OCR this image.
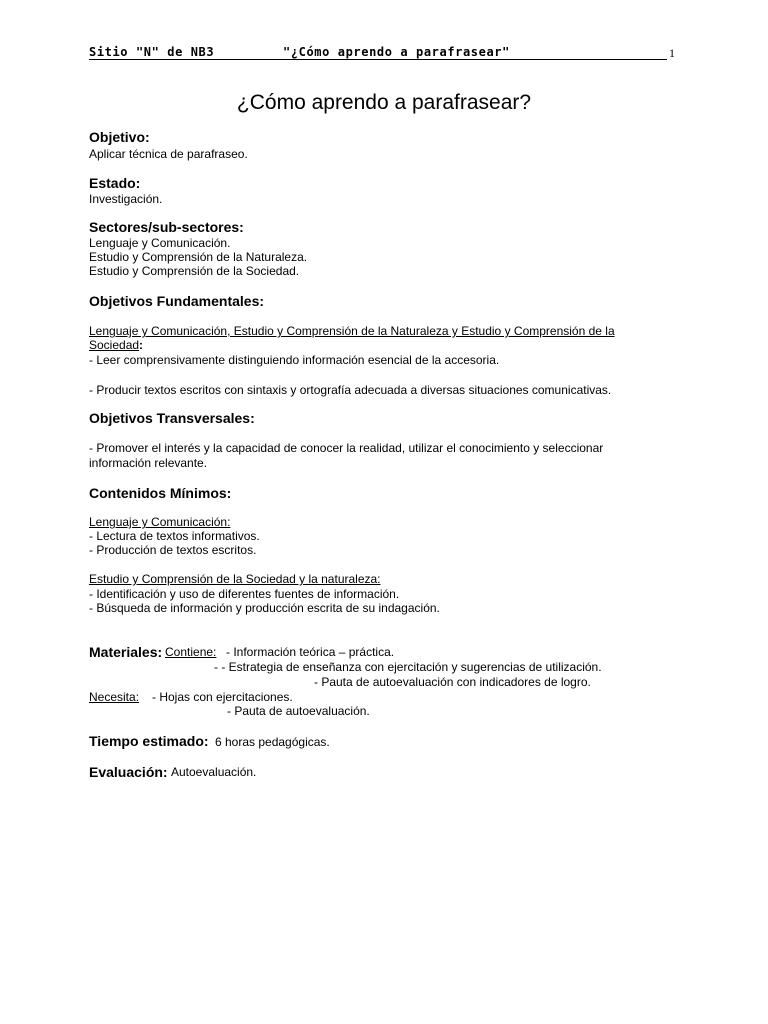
Sitio "N" de NB3	"¿Cómo aprendo a parafrasear"	1
¿Cómo aprendo a parafrasear?
Objetivo:
Aplicar técnica de parafraseo.
Estado:
Investigación.
Sectores/sub-sectores:
Lenguaje y Comunicación.
Estudio y Comprensión de la Naturaleza.
Estudio y Comprensión de la Sociedad.
Objetivos Fundamentales:
Lenguaje y Comunicación, Estudio y Comprensión de la Naturaleza y Estudio y Comprensión de la
Sociedad:
- Leer comprensivamente distinguiendo información esencial de la accesoria.
- Producir textos escritos con sintaxis y ortografía adecuada a diversas situaciones comunicativas.
Objetivos Transversales:
- Promover el interés y la capacidad de conocer la realidad, utilizar el conocimiento y seleccionar
información relevante.
Contenidos Mínimos:
Lenguaje y Comunicación:
- Lectura de textos informativos.
- Producción de textos escritos.
Estudio y Comprensión de la Sociedad y la naturaleza:
- Identificación y uso de diferentes fuentes de información.
- Búsqueda de información y producción escrita de su indagación.
Materiales: Contiene: - Información teórica – práctica.
- - Estrategia de enseñanza con ejercitación y sugerencias de utilización.
- Pauta de autoevaluación con indicadores de logro.
Necesita: - Hojas con ejercitaciones.
- Pauta de autoevaluación.
Tiempo estimado: 6 horas pedagógicas.
Evaluación: Autoevaluación.
